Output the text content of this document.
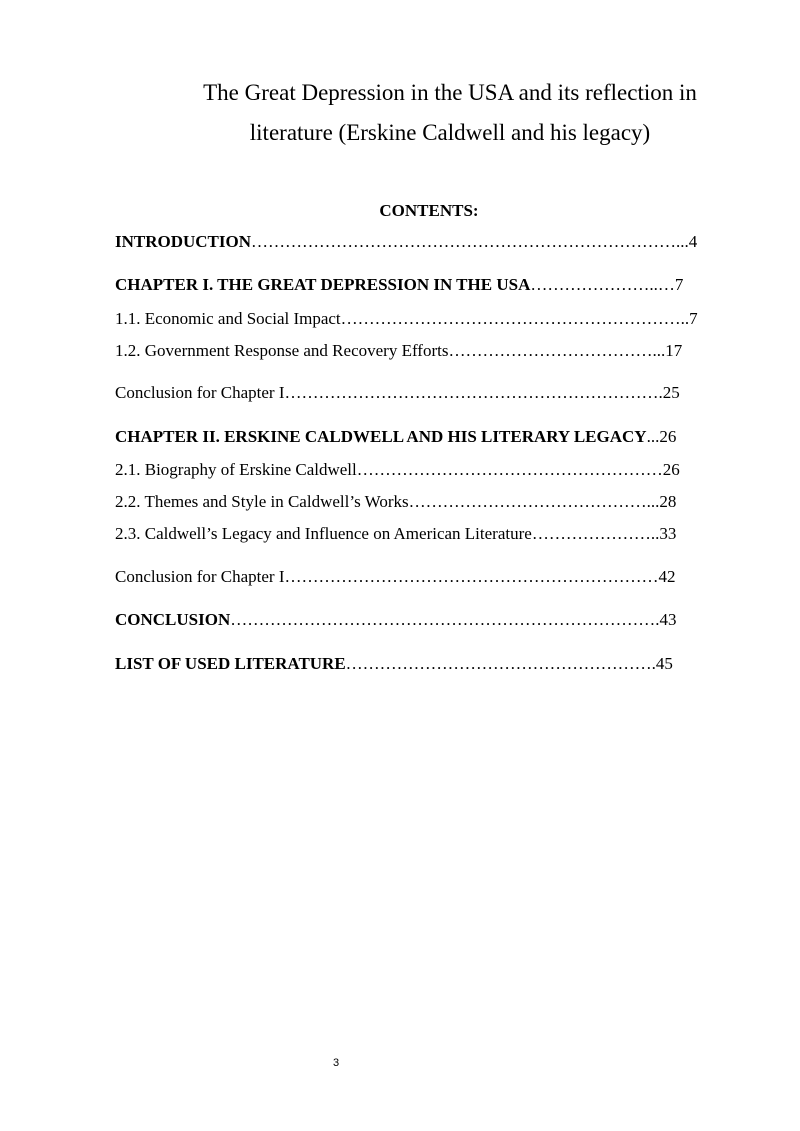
The Great Depression in the USA and its reflection in
literature (Erskine Caldwell and his legacy)
CONTENTS:
INTRODUCTION…………………………………………………………………...4
CHAPTER I. THE GREAT DEPRESSION IN THE USA…………………..…7
1.1. Economic and Social Impact……………………………………………………..7
1.2. Government Response and Recovery Efforts………………………………...17
Conclusion for Chapter I………………………………………………………….25
CHAPTER II. ERSKINE CALDWELL AND HIS LITERARY LEGACY...26
2.1. Biography of Erskine Caldwell………………………………………………26
2.2. Themes and Style in Caldwell’s Works……………………………………...28
2.3. Caldwell’s Legacy and Influence on American Literature…………………..33
Conclusion for Chapter I…………………………………………………………42
CONCLUSION………………………………………………………………….43
LIST OF USED LITERATURE……………………………………………….45
3
